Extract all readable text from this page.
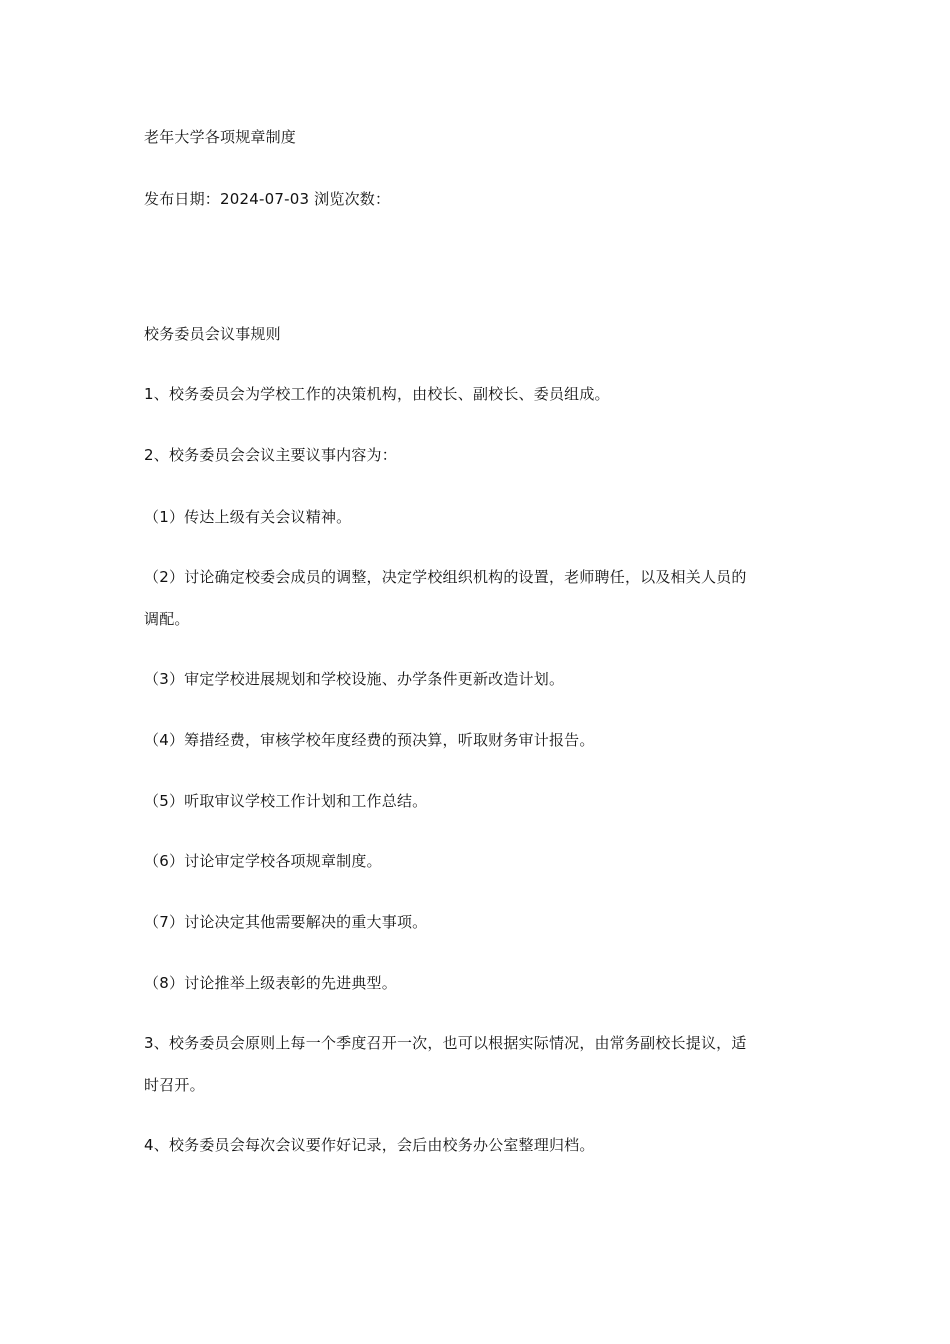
老年大学各项规章制度
发布日期：2024-07-03 浏览次数：
校务委员会议事规则
1、校务委员会为学校工作的决策机构，由校长、副校长、委员组成。
2、校务委员会会议主要议事内容为：
（1）传达上级有关会议精神。
（2）讨论确定校委会成员的调整，决定学校组织机构的设置，老师聘任，以及相关人员的
调配。
（3）审定学校进展规划和学校设施、办学条件更新改造计划。
（4）筹措经费，审核学校年度经费的预决算，听取财务审计报告。
（5）听取审议学校工作计划和工作总结。
（6）讨论审定学校各项规章制度。
（7）讨论决定其他需要解决的重大事项。
（8）讨论推举上级表彰的先进典型。
3、校务委员会原则上每一个季度召开一次，也可以根据实际情况，由常务副校长提议，适
时召开。
4、校务委员会每次会议要作好记录，会后由校务办公室整理归档。
